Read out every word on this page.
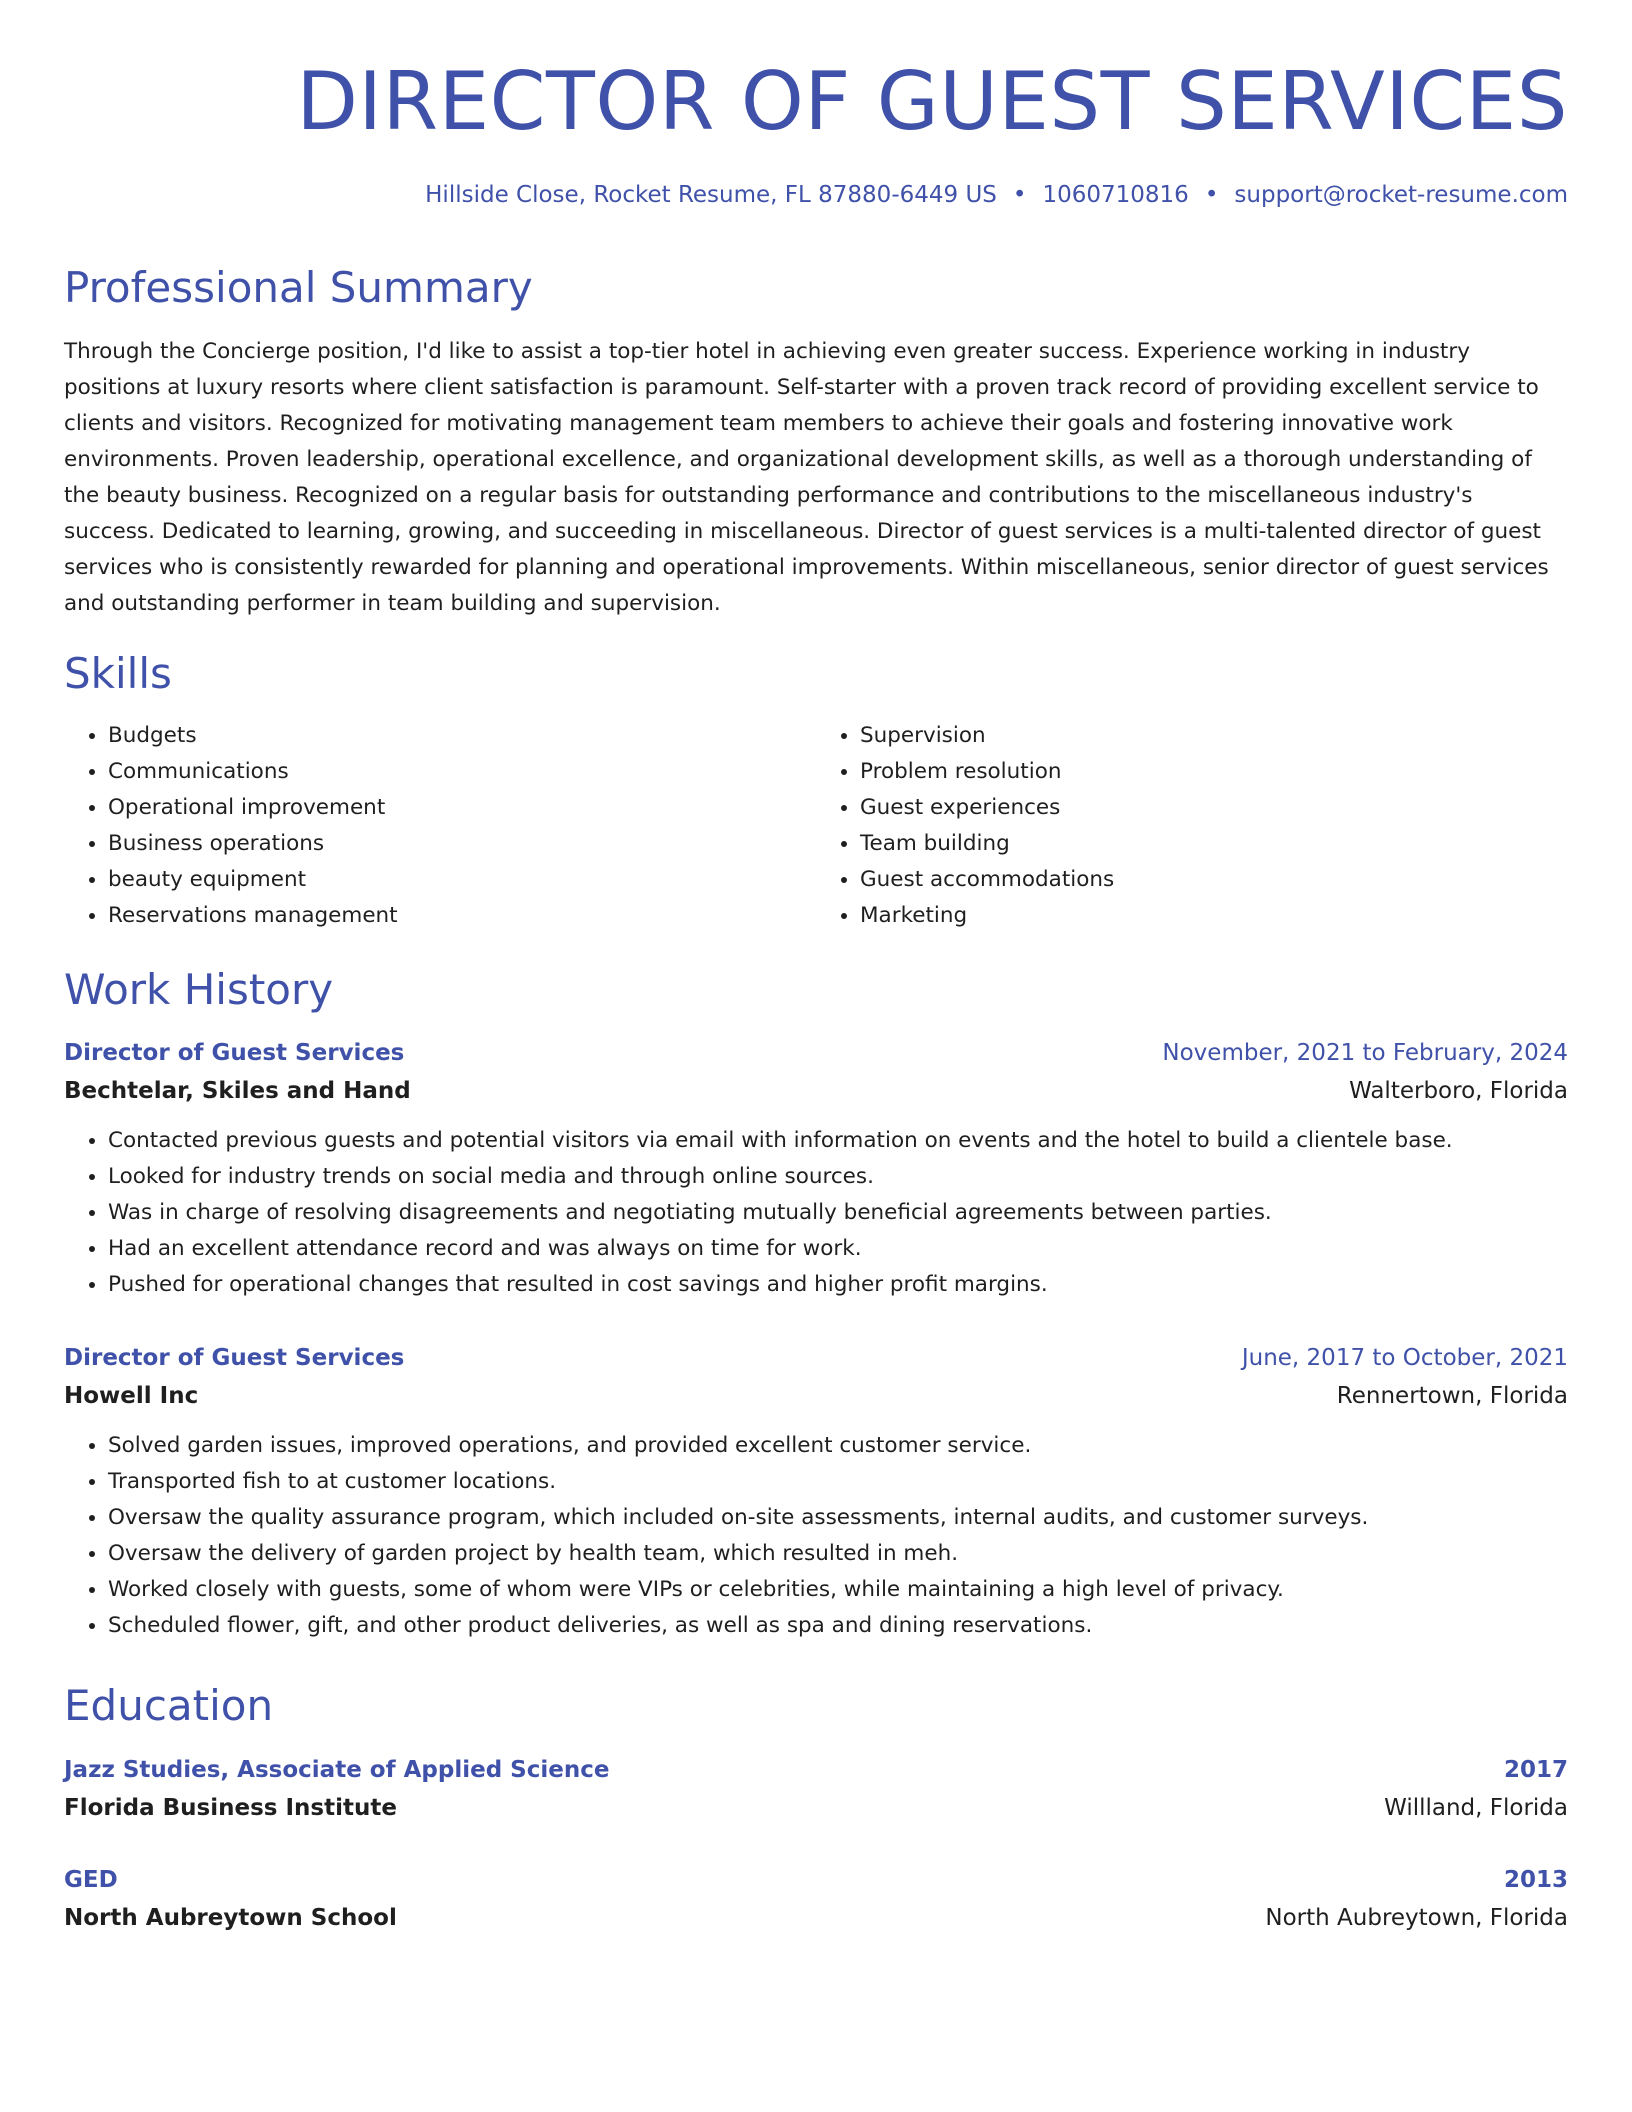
DIRECTOR OF GUEST SERVICES
Hillside Close, Rocket Resume, FL 87880-6449 US • 1060710816 • support@rocket-resume.com
Professional Summary

Through the Concierge position, I'd like to assist a top-tier hotel in achieving even greater success. Experience working in industry positions at luxury resorts where client satisfaction is paramount. Self-starter with a proven track record of providing excellent service to clients and visitors. Recognized for motivating management team members to achieve their goals and fostering innovative work environments. Proven leadership, operational excellence, and organizational development skills, as well as a thorough understanding of the beauty business. Recognized on a regular basis for outstanding performance and contributions to the miscellaneous industry's success. Dedicated to learning, growing, and succeeding in miscellaneous. Director of guest services is a multi-talented director of guest services who is consistently rewarded for planning and operational improvements. Within miscellaneous, senior director of guest services and outstanding performer in team building and supervision.

Skills
• Budgets
• Communications
• Operational improvement
• Business operations
• beauty equipment
• Reservations management
• Supervision
• Problem resolution
• Guest experiences
• Team building
• Guest accommodations
• Marketing
Work History
Director of Guest Services	November, 2021 to February, 2024
Bechtelar, Skiles and Hand	Walterboro, Florida
• Contacted previous guests and potential visitors via email with information on events and the hotel to build a clientele base.
• Looked for industry trends on social media and through online sources.
• Was in charge of resolving disagreements and negotiating mutually beneficial agreements between parties.
• Had an excellent attendance record and was always on time for work.
• Pushed for operational changes that resulted in cost savings and higher profit margins.
Director of Guest Services	June, 2017 to October, 2021
Howell Inc	Rennertown, Florida
• Solved garden issues, improved operations, and provided excellent customer service.
• Transported fish to at customer locations.
• Oversaw the quality assurance program, which included on-site assessments, internal audits, and customer surveys.
• Oversaw the delivery of garden project by health team, which resulted in meh.
• Worked closely with guests, some of whom were VIPs or celebrities, while maintaining a high level of privacy.
• Scheduled flower, gift, and other product deliveries, as well as spa and dining reservations.
Education
Jazz Studies, Associate of Applied Science	2017
Florida Business Institute	Willland, Florida
GED	2013
North Aubreytown School	North Aubreytown, Florida
